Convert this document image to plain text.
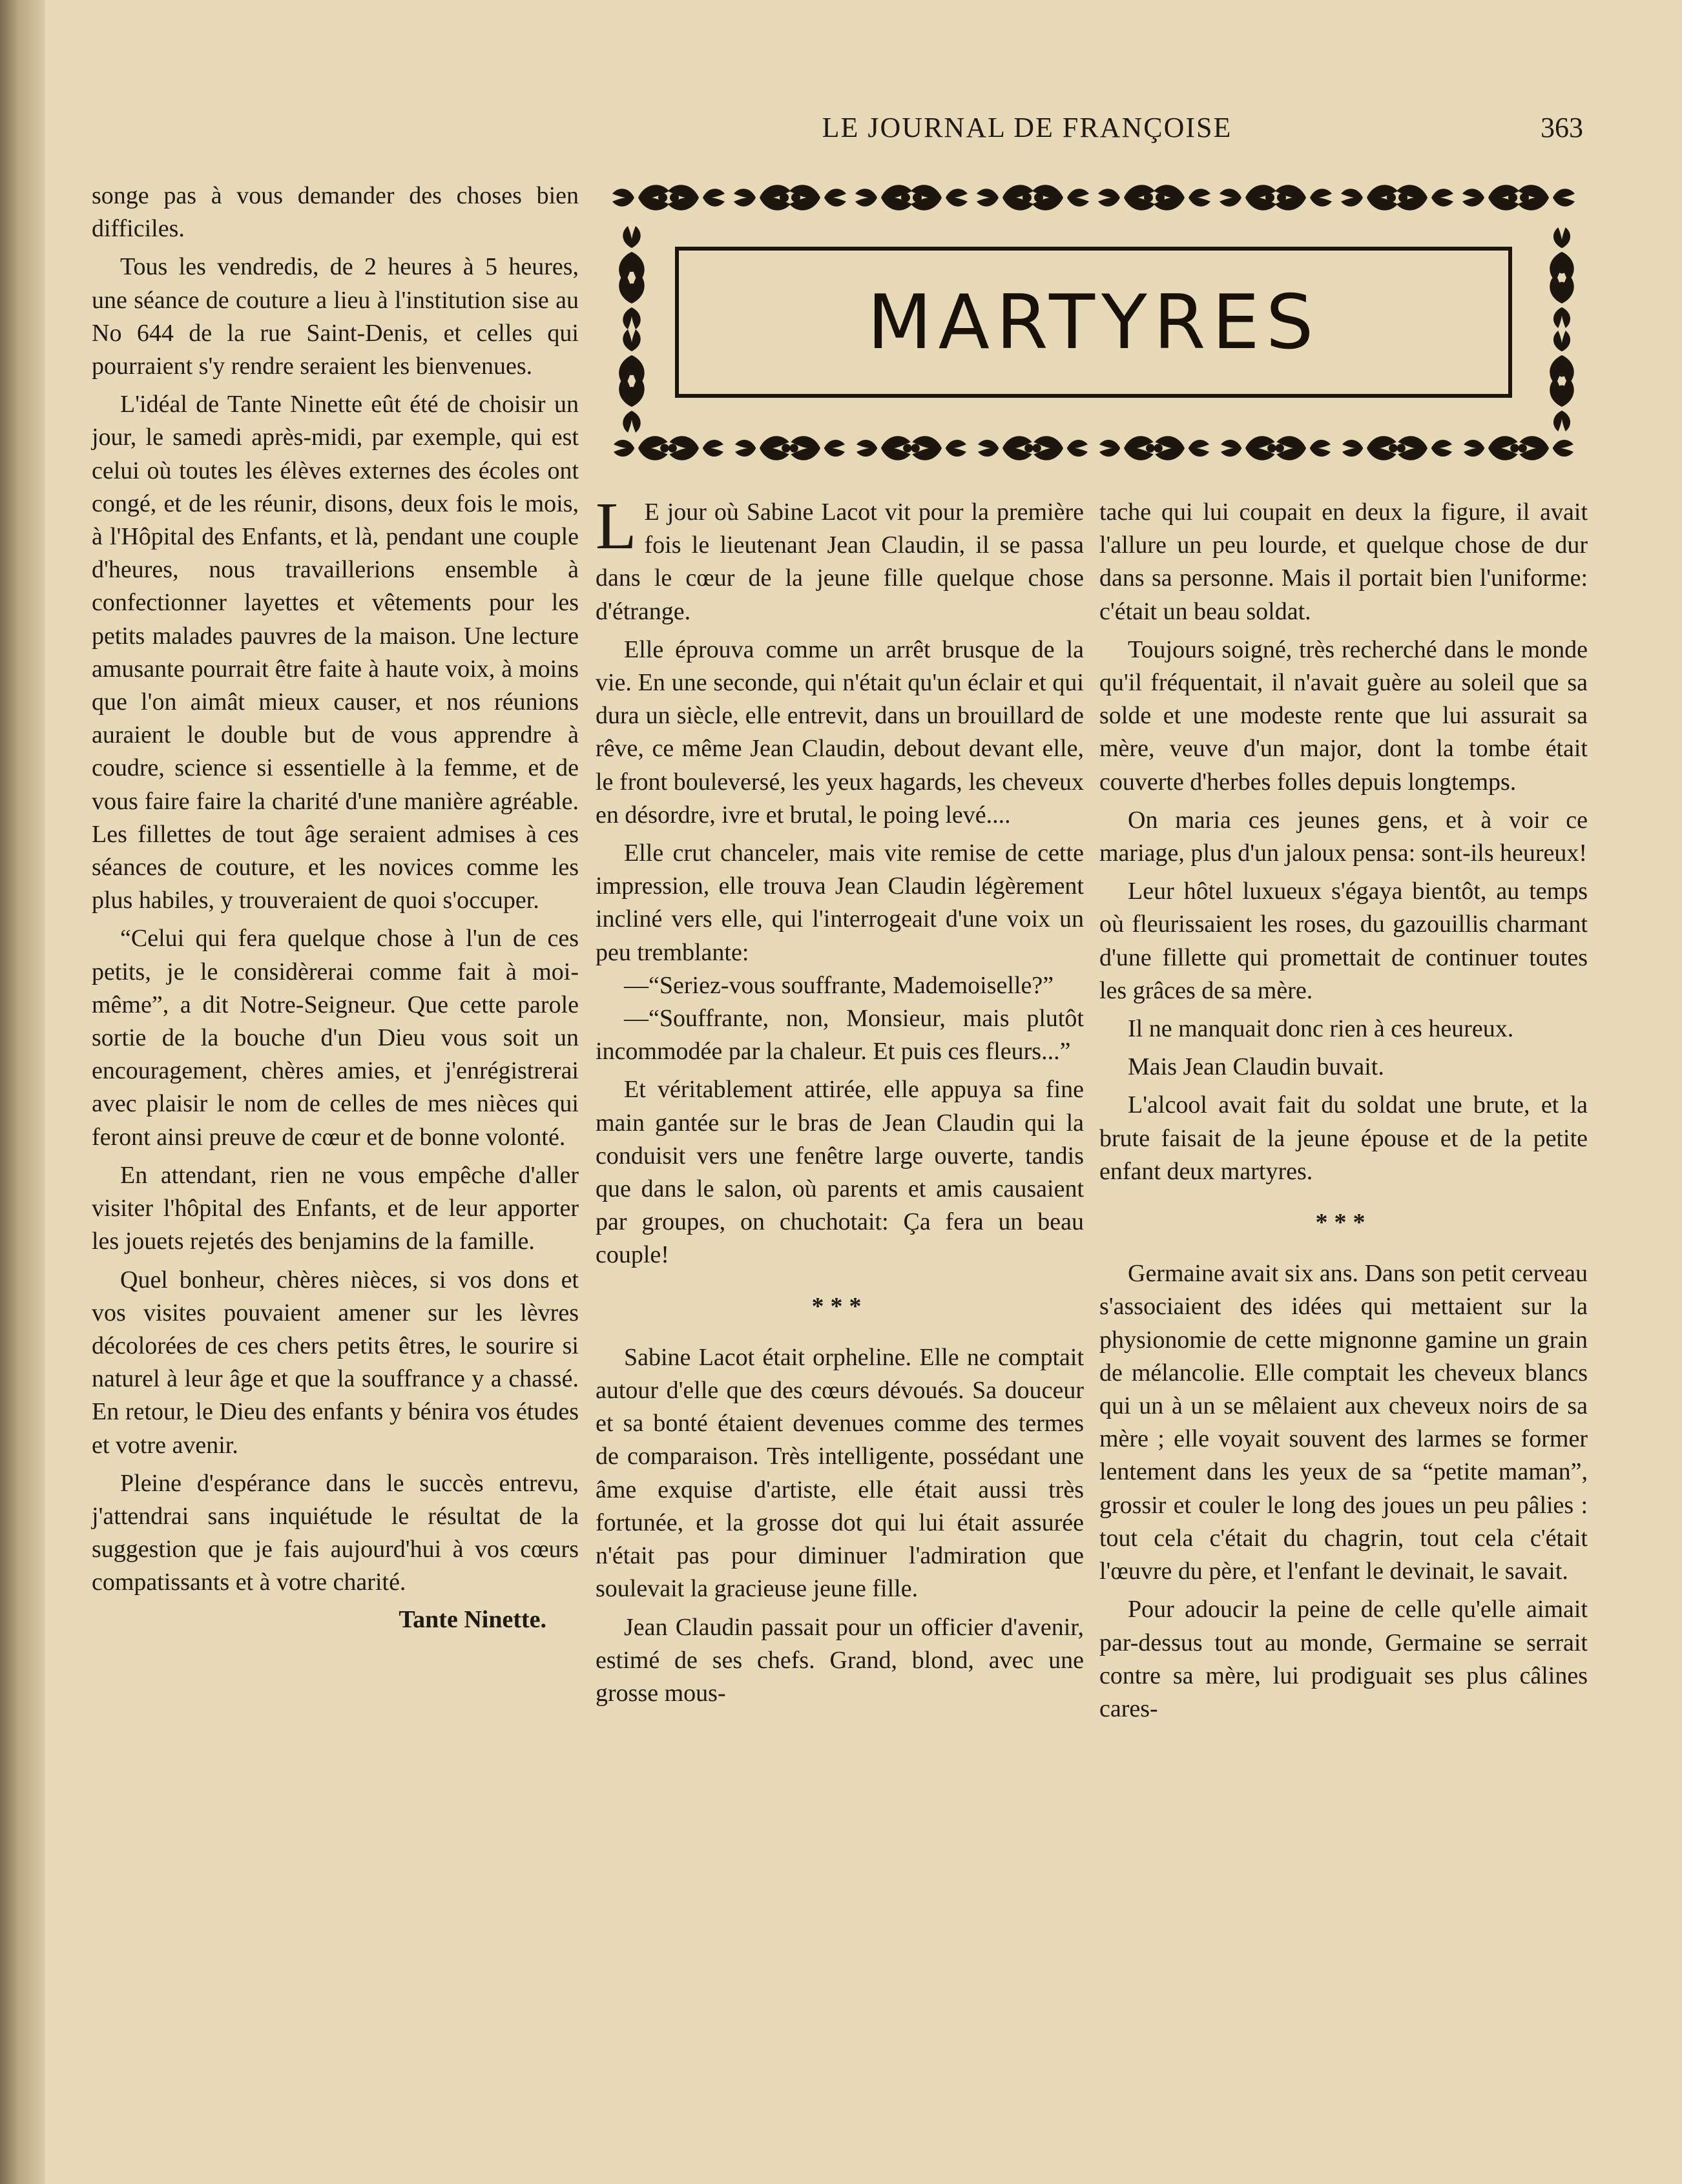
LE JOURNAL DE FRANÇOISE	363
MARTYRES

songe pas à vous demander des choses bien difficiles.

Tous les vendredis, de 2 heures à 5 heures, une séance de couture a lieu à l'institution sise au No 644 de la rue Saint-Denis, et celles qui pourraient s'y rendre seraient les bienvenues.

L'idéal de Tante Ninette eût été de choisir un jour, le samedi après-midi, par exemple, qui est celui où toutes les élèves externes des écoles ont congé, et de les réunir, disons, deux fois le mois, à l'Hôpital des Enfants, et là, pendant une couple d'heures, nous travaillerions ensemble à confectionner layettes et vêtements pour les petits malades pauvres de la maison. Une lecture amusante pourrait être faite à haute voix, à moins que l'on aimât mieux causer, et nos réunions auraient le double but de vous apprendre à coudre, science si essentielle à la femme, et de vous faire faire la charité d'une manière agréable. Les fillettes de tout âge seraient admises à ces séances de couture, et les novices comme les plus habiles, y trouveraient de quoi s'occuper.

“Celui qui fera quelque chose à l'un de ces petits, je le considèrerai comme fait à moi-même”, a dit Notre-Seigneur. Que cette parole sortie de la bouche d'un Dieu vous soit un encouragement, chères amies, et j'enrégistrerai avec plaisir le nom de celles de mes nièces qui feront ainsi preuve de cœur et de bonne volonté.

En attendant, rien ne vous empêche d'aller visiter l'hôpital des Enfants, et de leur apporter les jouets rejetés des benjamins de la famille.

Quel bonheur, chères nièces, si vos dons et vos visites pouvaient amener sur les lèvres décolorées de ces chers petits êtres, le sourire si naturel à leur âge et que la souffrance y a chassé. En retour, le Dieu des enfants y bénira vos études et votre avenir.

Pleine d'espérance dans le succès entrevu, j'attendrai sans inquiétude le résultat de la suggestion que je fais aujourd'hui à vos cœurs compatissants et à votre charité.

Tante Ninette.

L E jour où Sabine Lacot vit pour la première fois le lieutenant Jean Claudin, il se passa dans le cœur de la jeune fille quelque chose d'étrange.

Elle éprouva comme un arrêt brusque de la vie. En une seconde, qui n'était qu'un éclair et qui dura un siècle, elle entrevit, dans un brouillard de rêve, ce même Jean Claudin, debout devant elle, le front bouleversé, les yeux hagards, les cheveux en désordre, ivre et brutal, le poing levé....

Elle crut chanceler, mais vite remise de cette impression, elle trouva Jean Claudin légèrement incliné vers elle, qui l'interrogeait d'une voix un peu tremblante:

—“Seriez-vous souffrante, Mademoiselle?”

—“Souffrante, non, Monsieur, mais plutôt incommodée par la chaleur. Et puis ces fleurs...”

Et véritablement attirée, elle appuya sa fine main gantée sur le bras de Jean Claudin qui la conduisit vers une fenêtre large ouverte, tandis que dans le salon, où parents et amis causaient par groupes, on chuchotait: Ça fera un beau couple!

***

Sabine Lacot était orpheline. Elle ne comptait autour d'elle que des cœurs dévoués. Sa douceur et sa bonté étaient devenues comme des termes de comparaison. Très intelligente, possédant une âme exquise d'artiste, elle était aussi très fortunée, et la grosse dot qui lui était assurée n'était pas pour diminuer l'admiration que soulevait la gracieuse jeune fille.

Jean Claudin passait pour un officier d'avenir, estimé de ses chefs. Grand, blond, avec une grosse mous-

tache qui lui coupait en deux la figure, il avait l'allure un peu lourde, et quelque chose de dur dans sa personne. Mais il portait bien l'uniforme: c'était un beau soldat.

Toujours soigné, très recherché dans le monde qu'il fréquentait, il n'avait guère au soleil que sa solde et une modeste rente que lui assurait sa mère, veuve d'un major, dont la tombe était couverte d'herbes folles depuis longtemps.

On maria ces jeunes gens, et à voir ce mariage, plus d'un jaloux pensa: sont-ils heureux!

Leur hôtel luxueux s'égaya bientôt, au temps où fleurissaient les roses, du gazouillis charmant d'une fillette qui promettait de continuer toutes les grâces de sa mère.

Il ne manquait donc rien à ces heureux.

Mais Jean Claudin buvait.

L'alcool avait fait du soldat une brute, et la brute faisait de la jeune épouse et de la petite enfant deux martyres.

***

Germaine avait six ans. Dans son petit cerveau s'associaient des idées qui mettaient sur la physionomie de cette mignonne gamine un grain de mélancolie. Elle comptait les cheveux blancs qui un à un se mêlaient aux cheveux noirs de sa mère ; elle voyait souvent des larmes se former lentement dans les yeux de sa “petite maman”, grossir et couler le long des joues un peu pâlies : tout cela c'était du chagrin, tout cela c'était l'œuvre du père, et l'enfant le devinait, le savait.

Pour adoucir la peine de celle qu'elle aimait par-dessus tout au monde, Germaine se serrait contre sa mère, lui prodiguait ses plus câlines cares-
